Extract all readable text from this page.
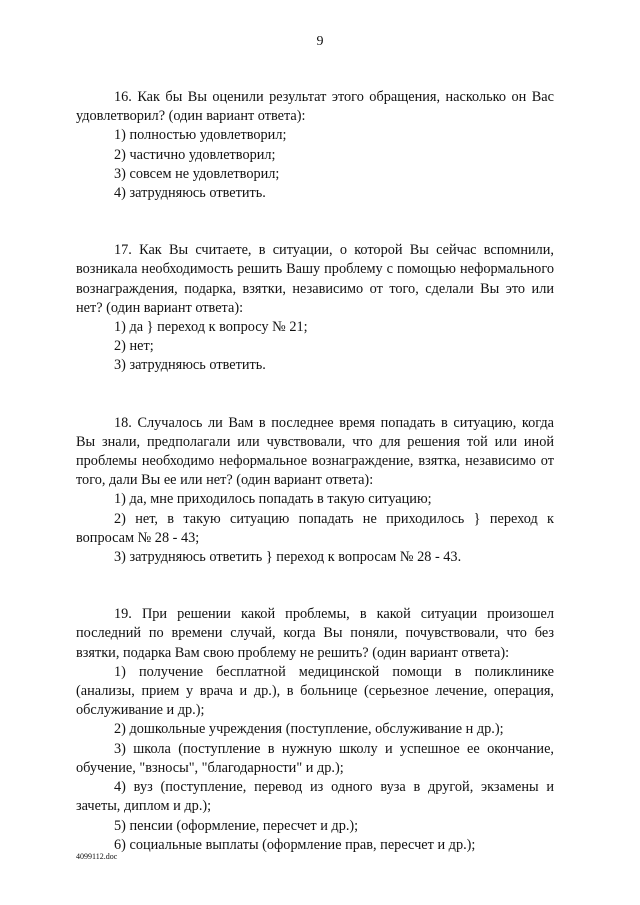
9

16. Как бы Вы оценили результат этого обращения, насколько он Вас удовлетворил? (один вариант ответа):

1) полностью удовлетворил;

2) частично удовлетворил;

3) совсем не удовлетворил;

4) затрудняюсь ответить.

17. Как Вы считаете, в ситуации, о которой Вы сейчас вспомнили, возникала необходимость решить Вашу проблему с помощью неформального вознаграждения, подарка, взятки, независимо от того, сделали Вы это или нет? (один вариант ответа):

1) да } переход к вопросу № 21;

2) нет;

3) затрудняюсь ответить.

18. Случалось ли Вам в последнее время попадать в ситуацию, когда Вы знали, предполагали или чувствовали, что для решения той или иной проблемы необходимо неформальное вознаграждение, взятка, независимо от того, дали Вы ее или нет? (один вариант ответа):

1) да, мне приходилось попадать в такую ситуацию;

2) нет, в такую ситуацию попадать не приходилось } переход к вопросам № 28 - 43;

3) затрудняюсь ответить } переход к вопросам № 28 - 43.

19. При решении какой проблемы, в какой ситуации произошел последний по времени случай, когда Вы поняли, почувствовали, что без взятки, подарка Вам свою проблему не решить? (один вариант ответа):

1) получение бесплатной медицинской помощи в поликлинике (анализы, прием у врача и др.), в больнице (серьезное лечение, операция, обслуживание и др.);

2) дошкольные учреждения (поступление, обслуживание н др.);

3) школа (поступление в нужную школу и успешное ее окончание, обучение, "взносы", "благодарности" и др.);

4) вуз (поступление, перевод из одного вуза в другой, экзамены и зачеты, диплом и др.);

5) пенсии (оформление, пересчет и др.);

6) социальные выплаты (оформление прав, пересчет и др.);

4099112.doc
